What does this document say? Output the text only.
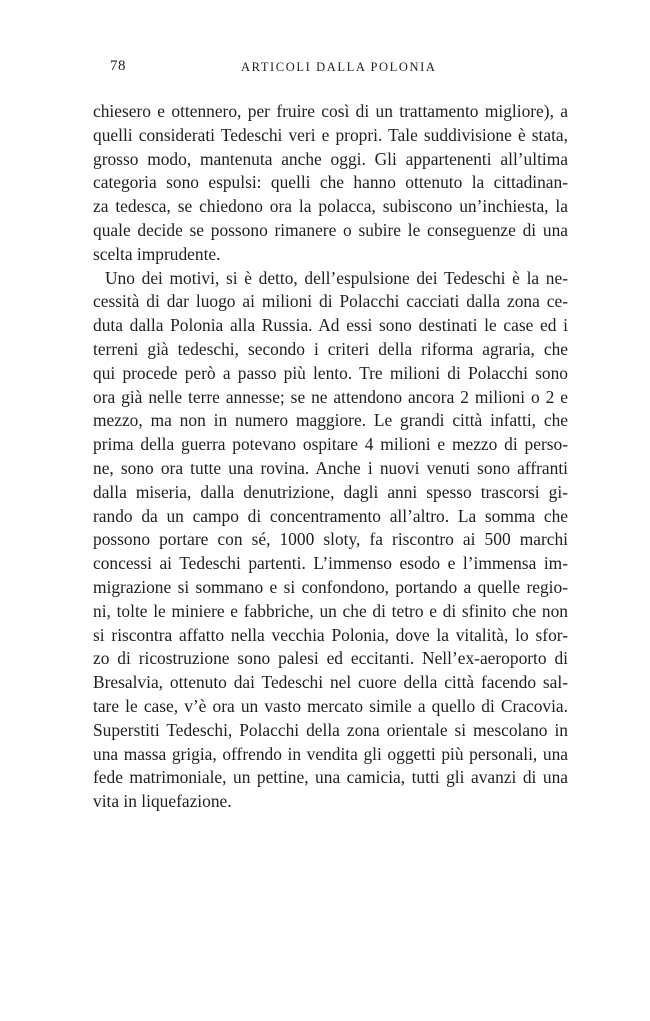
78	ARTICOLI DALLA POLONIA
chiesero e ottennero, per fruire così di un trattamento migliore), a
quelli considerati Tedeschi veri e propri. Tale suddivisione è stata,
grosso modo, mantenuta anche oggi. Gli appartenenti all’ultima
categoria sono espulsi: quelli che hanno ottenuto la cittadinan-
za tedesca, se chiedono ora la polacca, subiscono un’inchiesta, la
quale decide se possono rimanere o subire le conseguenze di una
scelta imprudente.
Uno dei motivi, si è detto, dell’espulsione dei Tedeschi è la ne-
cessità di dar luogo ai milioni di Polacchi cacciati dalla zona ce-
duta dalla Polonia alla Russia. Ad essi sono destinati le case ed i
terreni già tedeschi, secondo i criteri della riforma agraria, che
qui procede però a passo più lento. Tre milioni di Polacchi sono
ora già nelle terre annesse; se ne attendono ancora 2 milioni o 2 e
mezzo, ma non in numero maggiore. Le grandi città infatti, che
prima della guerra potevano ospitare 4 milioni e mezzo di perso-
ne, sono ora tutte una rovina. Anche i nuovi venuti sono affranti
dalla miseria, dalla denutrizione, dagli anni spesso trascorsi gi-
rando da un campo di concentramento all’altro. La somma che
possono portare con sé, 1000 sloty, fa riscontro ai 500 marchi
concessi ai Tedeschi partenti. L’immenso esodo e l’immensa im-
migrazione si sommano e si confondono, portando a quelle regio-
ni, tolte le miniere e fabbriche, un che di tetro e di sfinito che non
si riscontra affatto nella vecchia Polonia, dove la vitalità, lo sfor-
zo di ricostruzione sono palesi ed eccitanti. Nell’ex-aeroporto di
Bresalvia, ottenuto dai Tedeschi nel cuore della città facendo sal-
tare le case, v’è ora un vasto mercato simile a quello di Cracovia.
Superstiti Tedeschi, Polacchi della zona orientale si mescolano in
una massa grigia, offrendo in vendita gli oggetti più personali, una
fede matrimoniale, un pettine, una camicia, tutti gli avanzi di una
vita in liquefazione.
